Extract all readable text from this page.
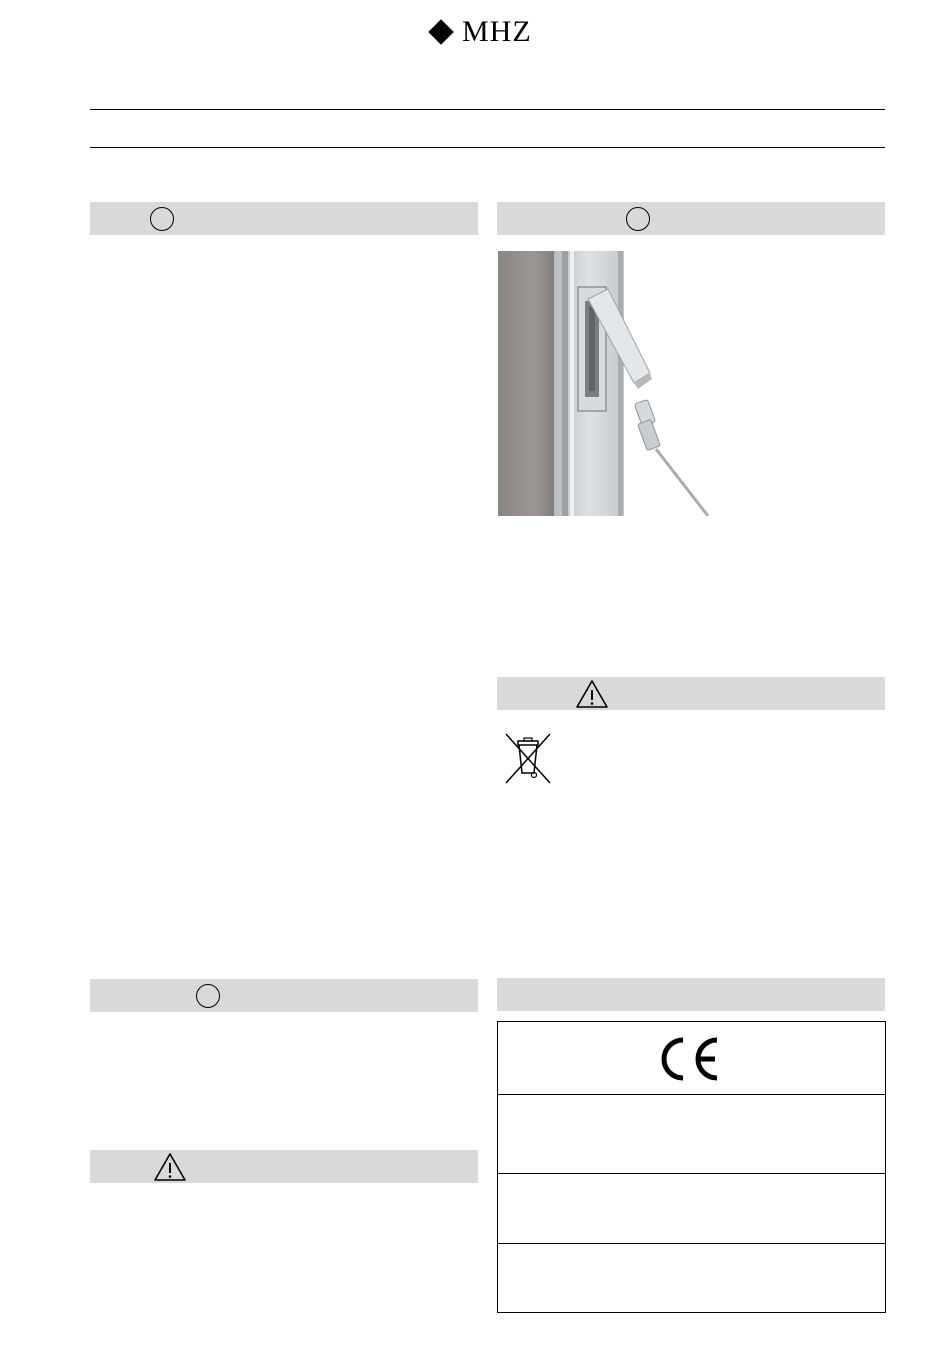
MHZ
